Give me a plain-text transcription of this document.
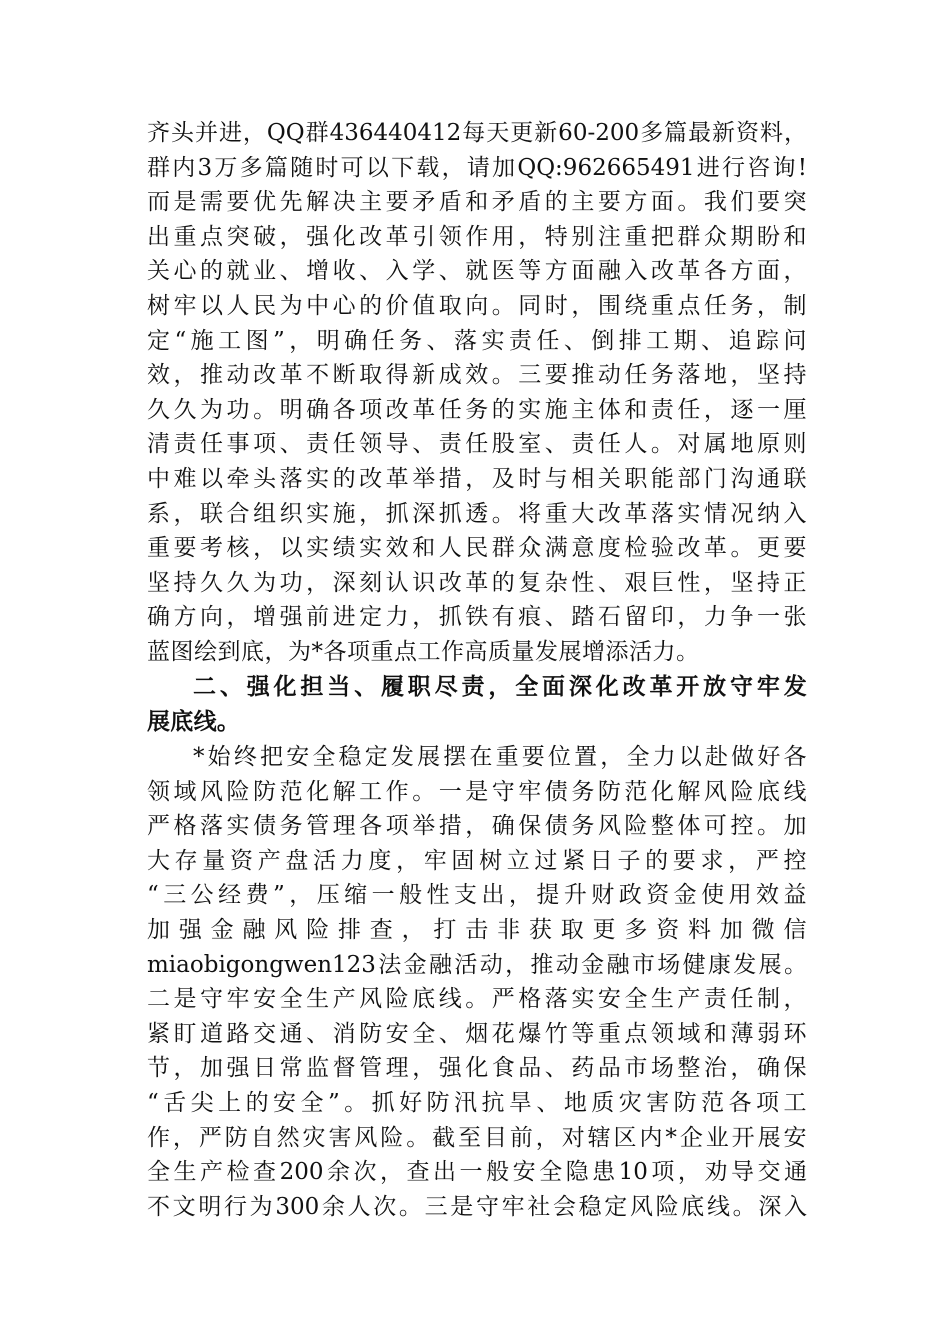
齐头并进，QQ群436440412每天更新60-200多篇最新资料，
群内3万多篇随时可以下载，请加QQ:962665491进行咨询!
而是需要优先解决主要矛盾和矛盾的主要方面。我们要突
出重点突破，强化改革引领作用，特别注重把群众期盼和
关心的就业、增收、入学、就医等方面融入改革各方面，
树牢以人民为中心的价值取向。同时，围绕重点任务，制
定“施工图”，明确任务、落实责任、倒排工期、追踪问
效，推动改革不断取得新成效。三要推动任务落地，坚持
久久为功。明确各项改革任务的实施主体和责任，逐一厘
清责任事项、责任领导、责任股室、责任人。对属地原则
中难以牵头落实的改革举措，及时与相关职能部门沟通联
系，联合组织实施，抓深抓透。将重大改革落实情况纳入
重要考核，以实绩实效和人民群众满意度检验改革。更要
坚持久久为功，深刻认识改革的复杂性、艰巨性，坚持正
确方向，增强前进定力，抓铁有痕、踏石留印，力争一张
蓝图绘到底，为*各项重点工作高质量发展增添活力。
二、强化担当、履职尽责，全面深化改革开放守牢发
展底线。
*始终把安全稳定发展摆在重要位置，全力以赴做好各
领域风险防范化解工作。一是守牢债务防范化解风险底线
严格落实债务管理各项举措，确保债务风险整体可控。加
大存量资产盘活力度，牢固树立过紧日子的要求，严控
“三公经费”，压缩一般性支出，提升财政资金使用效益
加强金融风险排查，打击非获取更多资料加微信
miaobigongwen123法金融活动，推动金融市场健康发展。
二是守牢安全生产风险底线。严格落实安全生产责任制，
紧盯道路交通、消防安全、烟花爆竹等重点领域和薄弱环
节，加强日常监督管理，强化食品、药品市场整治，确保
“舌尖上的安全”。抓好防汛抗旱、地质灾害防范各项工
作，严防自然灾害风险。截至目前，对辖区内*企业开展安
全生产检查200余次，查出一般安全隐患10项，劝导交通
不文明行为300余人次。三是守牢社会稳定风险底线。深入
